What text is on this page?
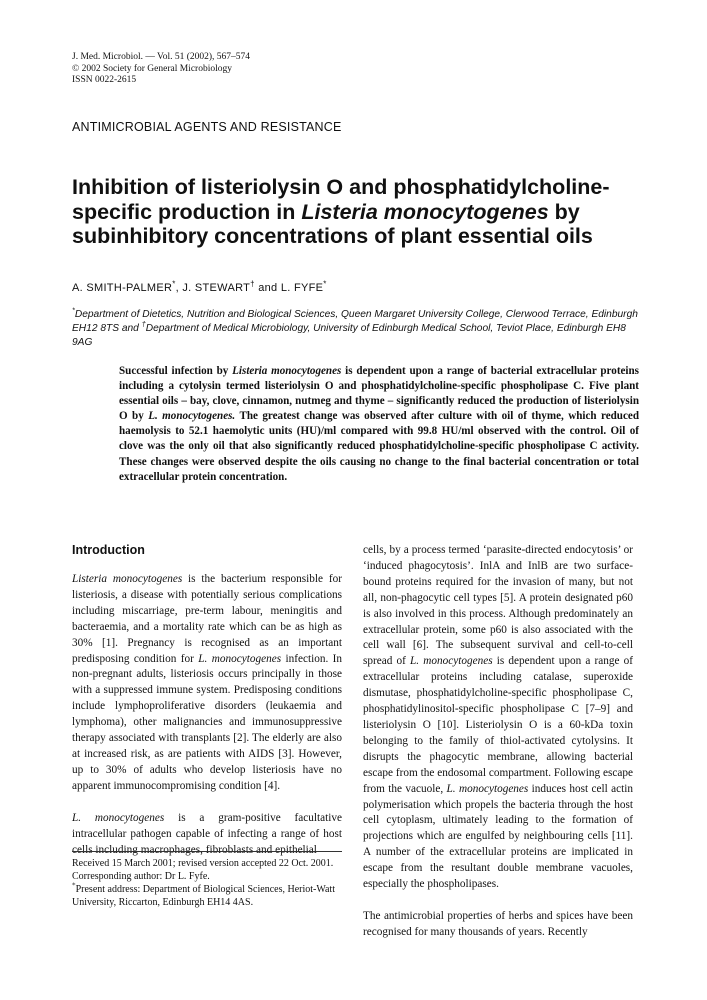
J. Med. Microbiol. — Vol. 51 (2002), 567–574
© 2002 Society for General Microbiology
ISSN 0022-2615
ANTIMICROBIAL AGENTS AND RESISTANCE
Inhibition of listeriolysin O and phosphatidylcholine-specific production in Listeria monocytogenes by subinhibitory concentrations of plant essential oils
A. SMITH-PALMER*, J. STEWART† and L. FYFE*
*Department of Dietetics, Nutrition and Biological Sciences, Queen Margaret University College, Clerwood Terrace, Edinburgh EH12 8TS and †Department of Medical Microbiology, University of Edinburgh Medical School, Teviot Place, Edinburgh EH8 9AG

Successful infection by Listeria monocytogenes is dependent upon a range of bacterial extracellular proteins including a cytolysin termed listeriolysin O and phosphatidylcholine-specific phospholipase C. Five plant essential oils – bay, clove, cinnamon, nutmeg and thyme – significantly reduced the production of listeriolysin O by L. monocytogenes. The greatest change was observed after culture with oil of thyme, which reduced haemolysis to 52.1 haemolytic units (HU)/ml compared with 99.8 HU/ml observed with the control. Oil of clove was the only oil that also significantly reduced phosphatidylcholine-specific phospholipase C activity. These changes were observed despite the oils causing no change to the final bacterial concentration or total extracellular protein concentration.

Introduction

Listeria monocytogenes is the bacterium responsible for listeriosis, a disease with potentially serious complications including miscarriage, pre-term labour, meningitis and bacteraemia, and a mortality rate which can be as high as 30% [1]. Pregnancy is recognised as an important predisposing condition for L. monocytogenes infection. In non-pregnant adults, listeriosis occurs principally in those with a suppressed immune system. Predisposing conditions include lymphoproliferative disorders (leukaemia and lymphoma), other malignancies and immunosuppressive therapy associated with transplants [2]. The elderly are also at increased risk, as are patients with AIDS [3]. However, up to 30% of adults who develop listeriosis have no apparent immunocompromising condition [4].

L. monocytogenes is a gram-positive facultative intracellular pathogen capable of infecting a range of host cells including macrophages, fibroblasts and epithelial

cells, by a process termed ‘parasite-directed endocytosis’ or ‘induced phagocytosis’. InlA and InlB are two surface-bound proteins required for the invasion of many, but not all, non-phagocytic cell types [5]. A protein designated p60 is also involved in this process. Although predominately an extracellular protein, some p60 is also associated with the cell wall [6]. The subsequent survival and cell-to-cell spread of L. monocytogenes is dependent upon a range of extracellular proteins including catalase, superoxide dismutase, phosphatidylcholine-specific phospholipase C, phosphatidylinositol-specific phospholipase C [7–9] and listeriolysin O [10]. Listeriolysin O is a 60-kDa toxin belonging to the family of thiol-activated cytolysins. It disrupts the phagocytic membrane, allowing bacterial escape from the endosomal compartment. Following escape from the vacuole, L. monocytogenes induces host cell actin polymerisation which propels the bacteria through the host cell cytoplasm, ultimately leading to the formation of projections which are engulfed by neighbouring cells [11]. A number of the extracellular proteins are implicated in escape from the resultant double membrane vacuoles, especially the phospholipases.

The antimicrobial properties of herbs and spices have been recognised for many thousands of years. Recently

Received 15 March 2001; revised version accepted 22 Oct. 2001.
Corresponding author: Dr L. Fyfe.
*Present address: Department of Biological Sciences, Heriot-Watt University, Riccarton, Edinburgh EH14 4AS.
